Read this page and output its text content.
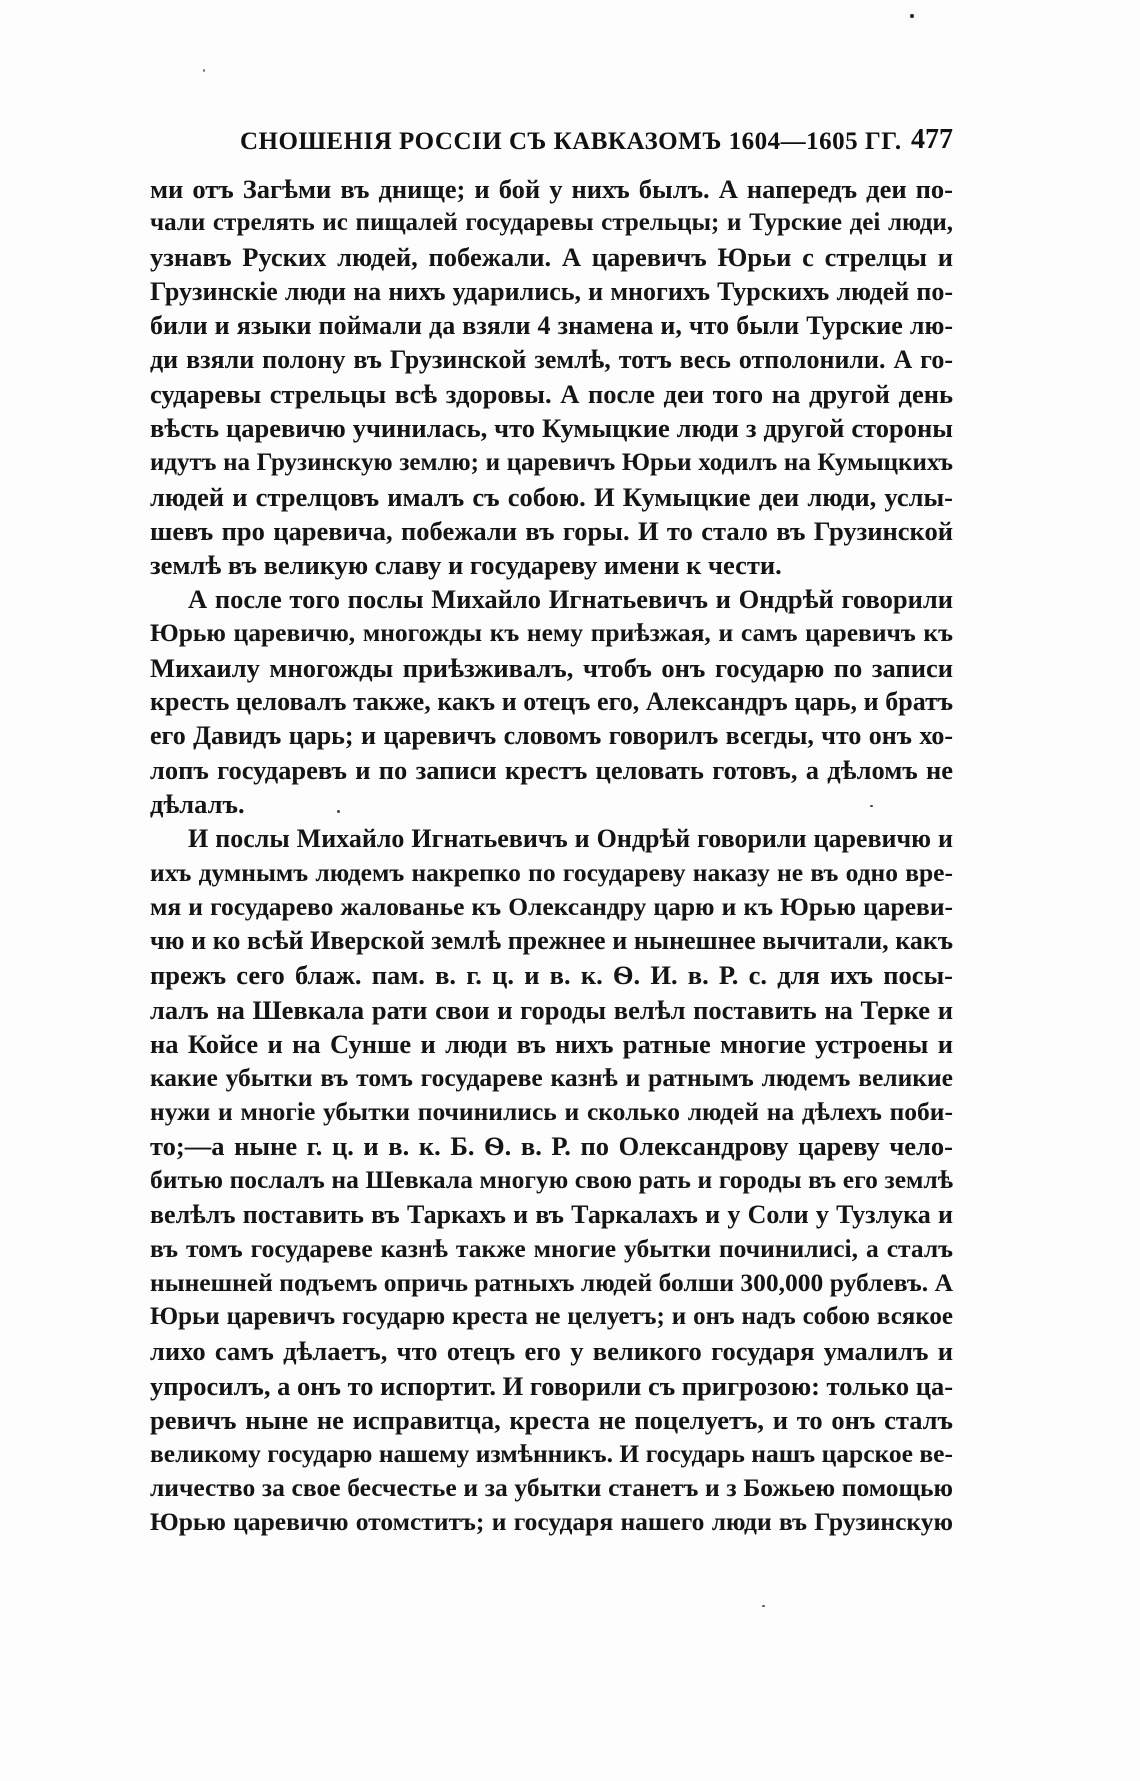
СНОШЕНІЯ РОССІИ СЪ КАВКАЗОМЪ 1604—1605 ГГ. 477
ми отъ Загѣми въ днище; и бой у нихъ былъ. А напередъ деи по-
чали стрелять ис пищалей государевы стрельцы; и Турские деі люди,
узнавъ Руских людей, побежали. А царевичъ Юрьи с стрелцы и
Грузинскіе люди на нихъ ударились, и многихъ Турскихъ людей по-
били и языки поймали да взяли 4 знамена и, что были Турские лю-
ди взяли полону въ Грузинской землѣ, тотъ весь отполонили. А го-
сударевы стрельцы всѣ здоровы. А после деи того на другой день
вѣсть царевичю учинилась, что Кумыцкие люди з другой стороны
идутъ на Грузинскую землю; и царевичъ Юрьи ходилъ на Кумыцкихъ
людей и стрелцовъ ималъ съ собою. И Кумыцкие деи люди, услы-
шевъ про царевича, побежали въ горы. И то стало въ Грузинской
землѣ въ великую славу и государеву имени к чести.
А после того послы Михайло Игнатьевичъ и Ондрѣй говорили
Юрью царевичю, многожды къ нему приѣзжая, и самъ царевичъ къ
Михаилу многожды приѣзживалъ, чтобъ онъ государю по записи
кресть целовалъ также, какъ и отецъ его, Александръ царь, и братъ
его Давидъ царь; и царевичъ словомъ говорилъ всегды, что онъ хо-
лопъ государевъ и по записи крестъ целовать готовъ, а дѣломъ не
дѣлалъ.
И послы Михайло Игнатьевичъ и Ондрѣй говорили царевичю и
ихъ думнымъ людемъ накрепко по государеву наказу не въ одно вре-
мя и государево жалованье къ Олександру царю и къ Юрью цареви-
чю и ко всѣй Иверской землѣ прежнее и нынешнее вычитали, какъ
прежъ сего блаж. пам. в. г. ц. и в. к. Ѳ. И. в. Р. с. для ихъ посы-
лалъ на Шевкала рати свои и городы велѣл поставить на Терке и
на Койсе и на Сунше и люди въ нихъ ратные многие устроены и
какие убытки въ томъ государеве казнѣ и ратнымъ людемъ великие
нужи и многіе убытки починились и сколько людей на дѣлехъ поби-
то;—а ныне г. ц. и в. к. Б. Ѳ. в. Р. по Олександрову цареву чело-
битью послалъ на Шевкала многую свою рать и городы въ его землѣ
велѣлъ поставить въ Таркахъ и въ Таркалахъ и у Соли у Тузлука и
въ томъ государеве казнѣ также многие убытки починилисі, а сталъ
нынешней подъемъ опричь ратныхъ людей болши 300,000 рублевъ. А
Юрьи царевичъ государю креста не целуетъ; и онъ надъ собою всякое
лихо самъ дѣлаетъ, что отецъ его у великого государя умалилъ и
упросилъ, а онъ то испортит. И говорили съ пригрозою: только ца-
ревичъ ныне не исправитца, креста не поцелуетъ, и то онъ сталъ
великому государю нашему измѣнникъ. И государь нашъ царское ве-
личество за свое бесчестье и за убытки станетъ и з Божьею помощью
Юрью царевичю отомститъ; и государя нашего люди въ Грузинскую
